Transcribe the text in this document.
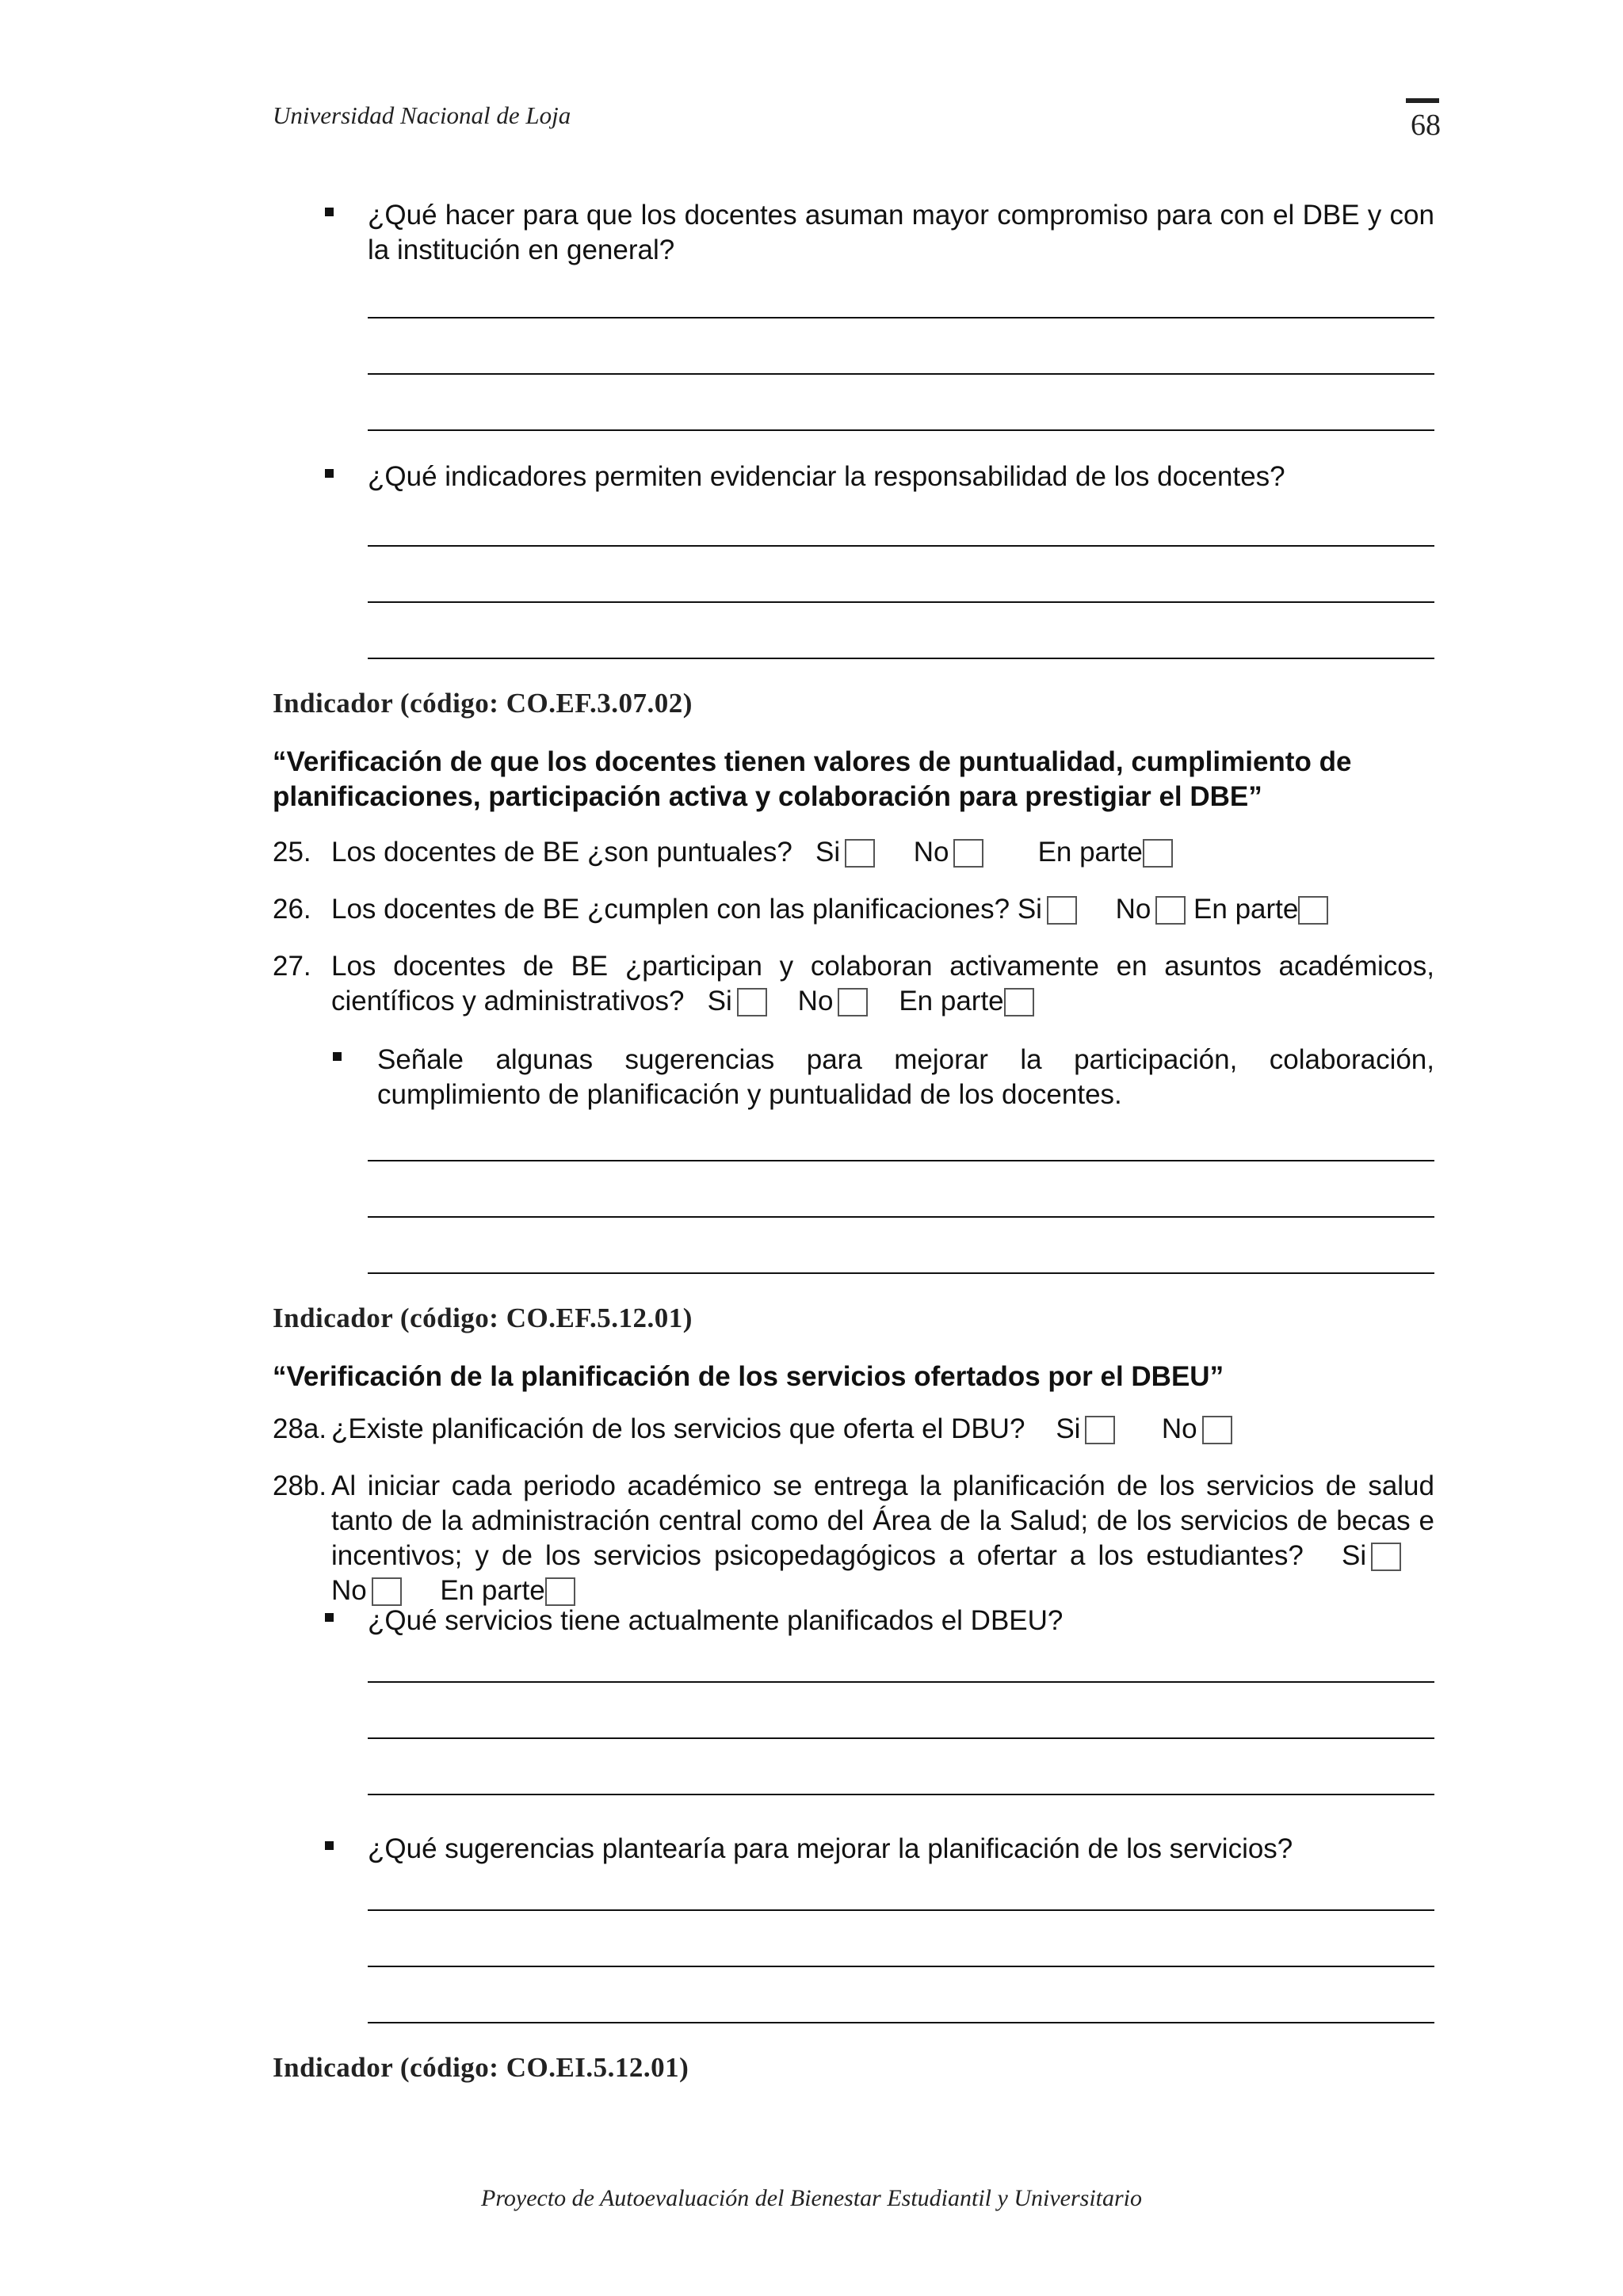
Universidad Nacional de Loja	68
¿Qué hacer para que los docentes asuman mayor compromiso para con el DBE y con la institución en general?
¿Qué indicadores permiten evidenciar la responsabilidad de los docentes?
Indicador (código: CO.EF.3.07.02)
“Verificación de que los docentes tienen valores de puntualidad, cumplimiento de planificaciones, participación activa y colaboración para prestigiar el DBE”
25. Los docentes de BE ¿son puntuales? Si	No	En parte
26. Los docentes de BE ¿cumplen con las planificaciones? Si	No En parte
27. Los docentes de BE ¿participan y colaboran activamente en asuntos académicos, científicos y administrativos? Si No En parte
Señale algunas sugerencias para mejorar la participación, colaboración, cumplimiento de planificación y puntualidad de los docentes.
Indicador (código: CO.EF.5.12.01)
“Verificación de la planificación de los servicios ofertados por el DBEU”
28a. ¿Existe planificación de los servicios que oferta el DBU? Si	No
28b. Al iniciar cada periodo académico se entrega la planificación de los servicios de salud tanto de la administración central como del Área de la Salud; de los servicios de becas e incentivos; y de los servicios psicopedagógicos a ofertar a los estudiantes? Si    No	En parte
¿Qué servicios tiene actualmente planificados el DBEU?
¿Qué sugerencias plantearía para mejorar la planificación de los servicios?
Indicador (código: CO.EI.5.12.01)
Proyecto de Autoevaluación del Bienestar Estudiantil y Universitario
